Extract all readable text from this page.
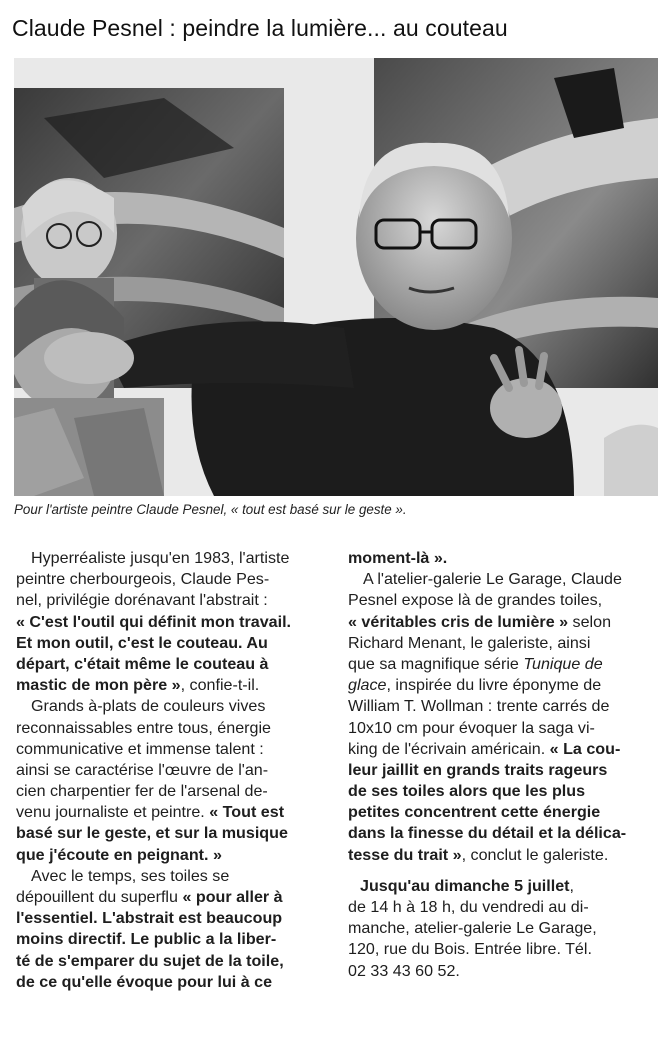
Claude Pesnel : peindre la lumière... au couteau
Pour l'artiste peintre Claude Pesnel, « tout est basé sur le geste ».
Hyperréaliste jusqu'en 1983, l'artiste
peintre cherbourgeois, Claude Pes-
nel, privilégie dorénavant l'abstrait :
« C'est l'outil qui définit mon travail.
Et mon outil, c'est le couteau. Au
départ, c'était même le couteau à
mastic de mon père », confie-t-il.
Grands à-plats de couleurs vives
reconnaissables entre tous, énergie
communicative et immense talent :
ainsi se caractérise l'œuvre de l'an-
cien charpentier fer de l'arsenal de-
venu journaliste et peintre. « Tout est
basé sur le geste, et sur la musique
que j'écoute en peignant. »
Avec le temps, ses toiles se
dépouillent du superflu « pour aller à
l'essentiel. L'abstrait est beaucoup
moins directif. Le public a la liber-
té de s'emparer du sujet de la toile,
de ce qu'elle évoque pour lui à ce
moment-là ».
A l'atelier-galerie Le Garage, Claude
Pesnel expose là de grandes toiles,
« véritables cris de lumière » selon
Richard Menant, le galeriste, ainsi
que sa magnifique série Tunique de
glace, inspirée du livre éponyme de
William T. Wollman : trente carrés de
10x10 cm pour évoquer la saga vi-
king de l'écrivain américain. « La cou-
leur jaillit en grands traits rageurs
de ses toiles alors que les plus
petites concentrent cette énergie
dans la finesse du détail et la délica-
tesse du trait », conclut le galeriste.
Jusqu'au dimanche 5 juillet,
de 14 h à 18 h, du vendredi au di-
manche, atelier-galerie Le Garage,
120, rue du Bois. Entrée libre. Tél.
02 33 43 60 52.
